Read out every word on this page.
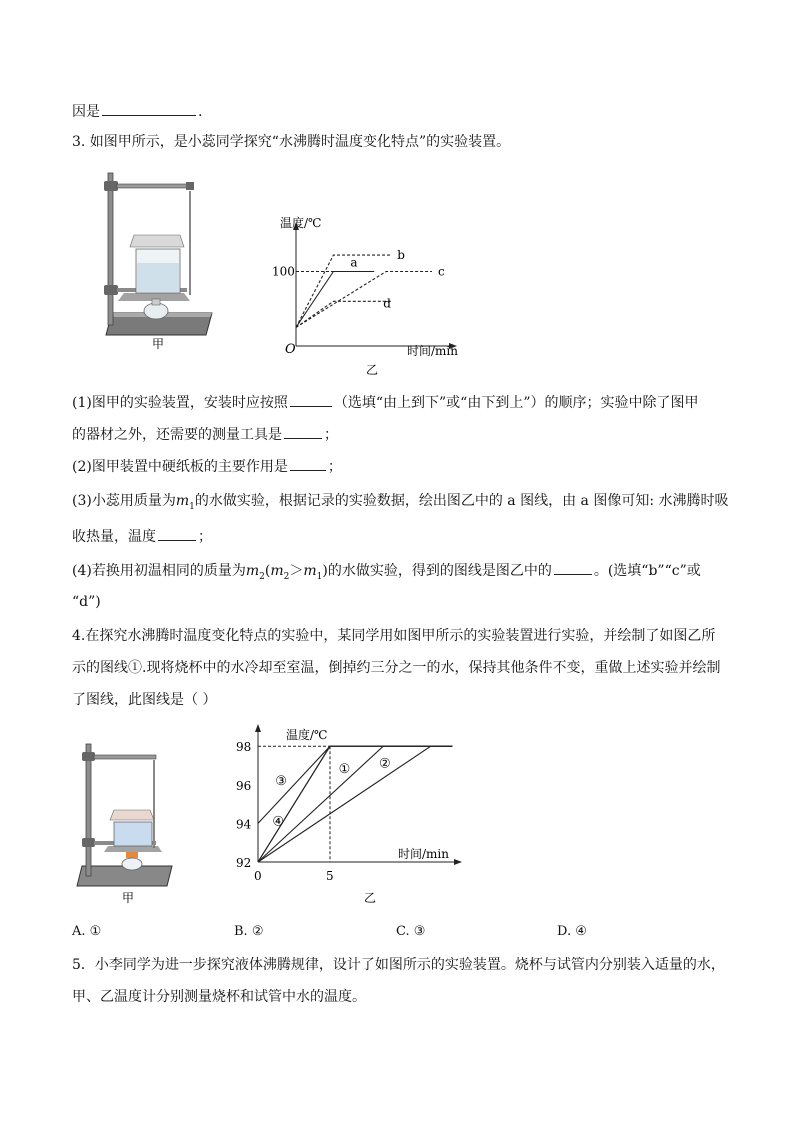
因是	.
3. 如图甲所示，是小蕊同学探究“水沸腾时温度变化特点”的实验装置。
甲
温度/℃
时间/min
O
a
b
c
d
100
乙
(1)图甲的实验装置，安装时应按照	（选填“由上到下”或“由下到上”）的顺序；实验中除了图甲
的器材之外，还需要的测量工具是	；
(2)图甲装置中硬纸板的主要作用是	；
(3)小蕊用质量为$m_1$的水做实验，根据记录的实验数据，绘出图乙中的 a 图线，由 a 图像可知: 水沸腾时吸
收热量，温度	；
(4)若换用初温相同的质量为$m_2(m_2>m_1)$的水做实验，得到的图线是图乙中的	。(选填“b”“c”或
“d”)
4.在探究水沸腾时温度变化特点的实验中，某同学用如图甲所示的实验装置进行实验，并绘制了如图乙所
示的图线①.现将烧杯中的水冷却至室温，倒掉约三分之一的水，保持其他条件不变，重做上述实验并绘制
了图线，此图线是（ ）
甲
温度/℃
时间/min
92
94
96
98
0	5
① ②
③
④
乙
A. ①	B. ②	C. ③	D. ④
5．小李同学为进一步探究液体沸腾规律，设计了如图所示的实验装置。烧杯与试管内分别装入适量的水，
甲、乙温度计分别测量烧杯和试管中水的温度。
